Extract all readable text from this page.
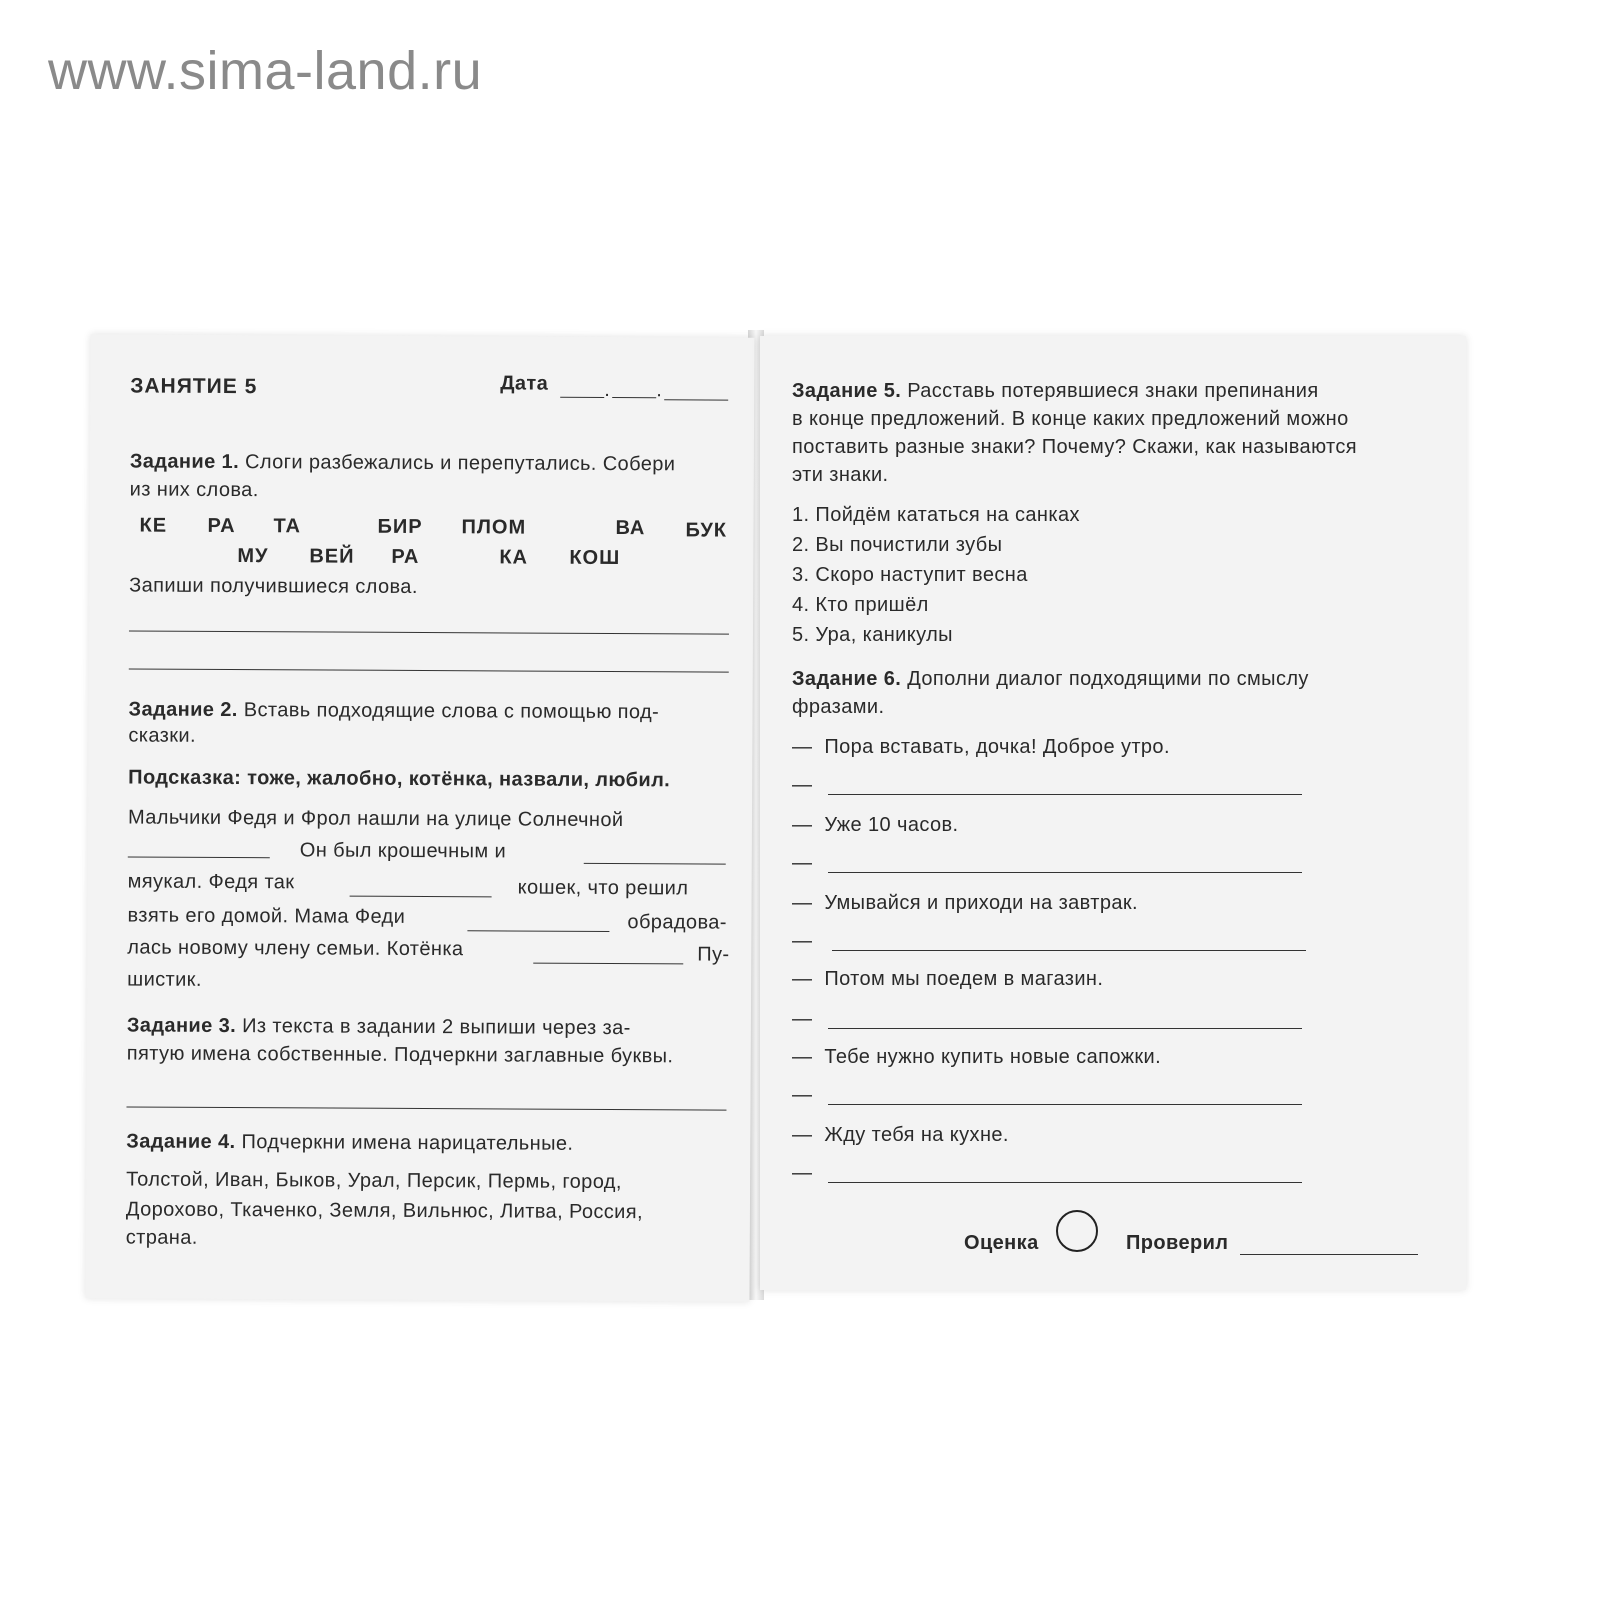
www.sima-land.ru
ЗАНЯТИЕ 5	Дата	. .
Задание 1. Слоги разбежались и перепутались. Собери
из них слова.
КЕ РА ТА	БИР ПЛОМ	ВА БУК
МУ ВЕЙ РА	КА КОШ
Запиши получившиеся слова.
Задание 2. Вставь подходящие слова с помощью под-
сказки.
Подсказка: тоже, жалобно, котёнка, назвали, любил.
Мальчики Федя и Фрол нашли на улице Солнечной
Он был крошечным и
мяукал. Федя так	кошек, что решил
взять его домой. Мама Феди	обрадова-
лась новому члену семьи. Котёнка	Пу-
шистик.
Задание 3. Из текста в задании 2 выпиши через за-
пятую имена собственные. Подчеркни заглавные буквы.
Задание 4. Подчеркни имена нарицательные.
Толстой, Иван, Быков, Урал, Персик, Пермь, город,
Дорохово, Ткаченко, Земля, Вильнюс, Литва, Россия,
страна.
Задание 5. Расставь потерявшиеся знаки препинания
в конце предложений. В конце каких предложений можно
поставить разные знаки? Почему? Скажи, как называются
эти знаки.
1. Пойдём кататься на санках
2. Вы почистили зубы
3. Скоро наступит весна
4. Кто пришёл
5. Ура, каникулы
Задание 6. Дополни диалог подходящими по смыслу
фразами.
— Пора вставать, дочка! Доброе утро.
—
— Уже 10 часов.
—
— Умывайся и приходи на завтрак.
—
— Потом мы поедем в магазин.
—
— Тебе нужно купить новые сапожки.
—
— Жду тебя на кухне.
—
Оценка	Проверил
